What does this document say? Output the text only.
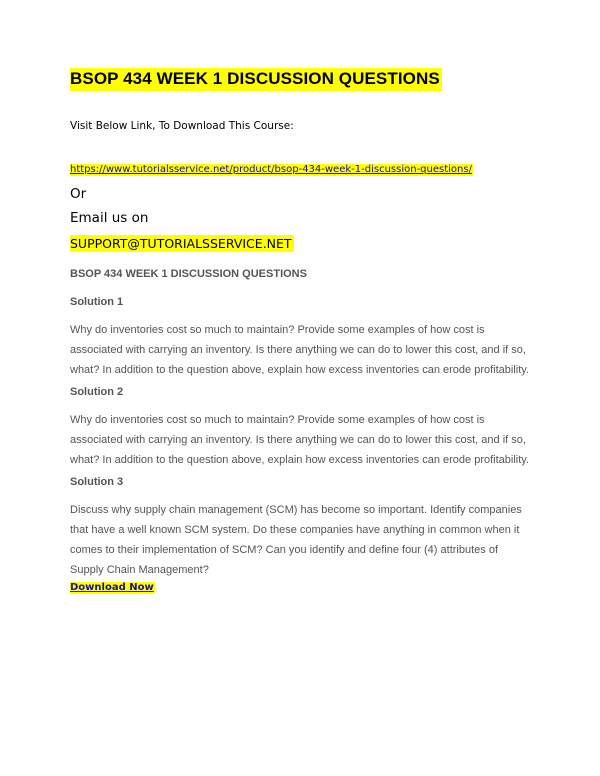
BSOP 434 WEEK 1 DISCUSSION QUESTIONS
Visit Below Link, To Download This Course:
https://www.tutorialsservice.net/product/bsop-434-week-1-discussion-questions/
Or
Email us on
SUPPORT@TUTORIALSSERVICE.NET
BSOP 434 WEEK 1 DISCUSSION QUESTIONS
Solution 1
Why do inventories cost so much to maintain? Provide some examples of how cost is associated with carrying an inventory. Is there anything we can do to lower this cost, and if so, what? In addition to the question above, explain how excess inventories can erode profitability.
Solution 2
Why do inventories cost so much to maintain? Provide some examples of how cost is associated with carrying an inventory. Is there anything we can do to lower this cost, and if so, what? In addition to the question above, explain how excess inventories can erode profitability.
Solution 3
Discuss why supply chain management (SCM) has become so important. Identify companies that have a well known SCM system. Do these companies have anything in common when it comes to their implementation of SCM? Can you identify and define four (4) attributes of Supply Chain Management?
Download Now
